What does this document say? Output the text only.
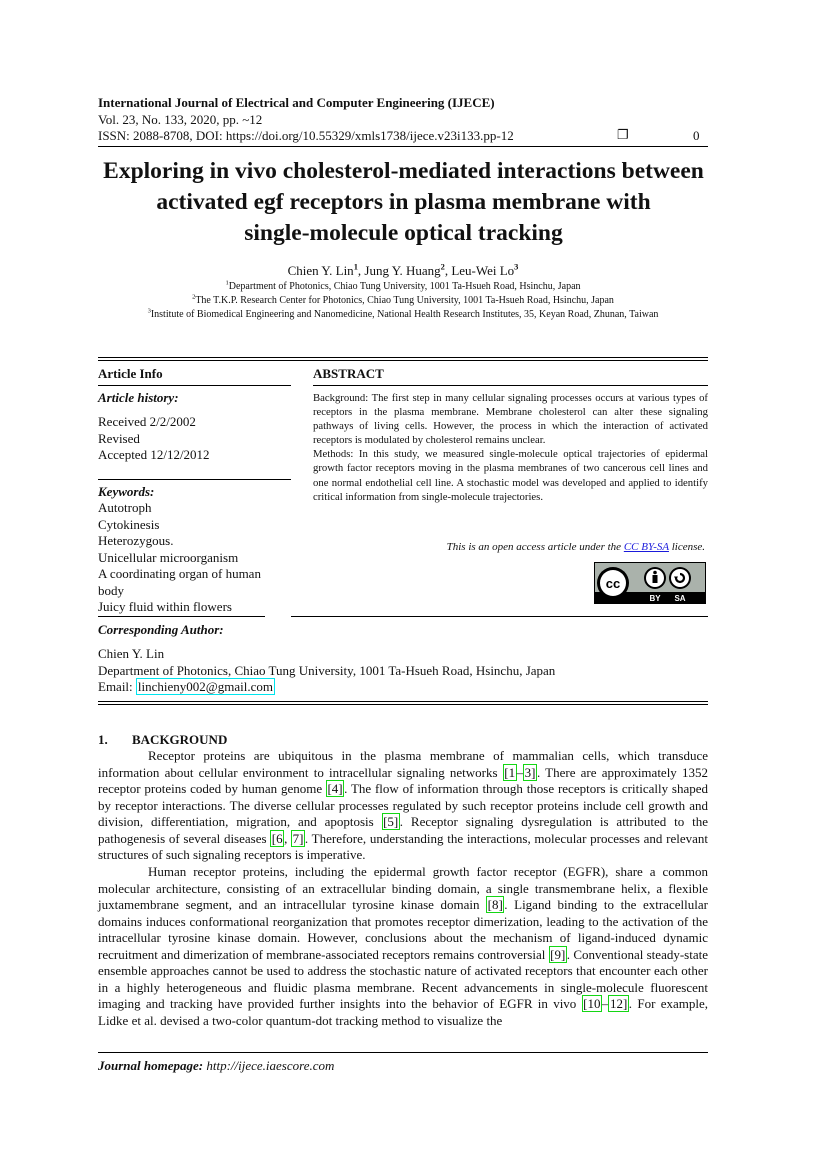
International Journal of Electrical and Computer Engineering (IJECE)
Vol. 23, No. 133, 2020, pp. ~12
ISSN: 2088-8708, DOI: https://doi.org/10.55329/xmls1738/ijece.v23i133.pp-12	❐	0
Exploring in vivo cholesterol-mediated interactions between
activated egf receptors in plasma membrane with
single-molecule optical tracking
Chien Y. Lin$^1$, Jung Y. Huang$^2$, Leu-Wei Lo$^3$
$^1$Department of Photonics, Chiao Tung University, 1001 Ta-Hsueh Road, Hsinchu, Japan
$^2$The T.K.P. Research Center for Photonics, Chiao Tung University, 1001 Ta-Hsueh Road, Hsinchu, Japan
$^3$Institute of Biomedical Engineering and Nanomedicine, National Health Research Institutes, 35, Keyan Road, Zhunan, Taiwan
Article Info	ABSTRACT
Article history:
Received 2/2/2002
Revised
Accepted 12/12/2012
Keywords:
Autotroph
Cytokinesis
Heterozygous.
Unicellular microorganism
A coordinating organ of human body
Juicy fluid within flowers

Background: The first step in many cellular signaling processes occurs at various types of receptors in the plasma membrane. Membrane cholesterol can alter these signaling pathways of living cells. However, the process in which the interaction of activated receptors is modulated by cholesterol remains unclear.

Methods: In this study, we measured single-molecule optical trajectories of epidermal growth factor receptors moving in the plasma membranes of two cancerous cell lines and one normal endothelial cell line. A stochastic model was developed and applied to identify critical information from single-molecule trajectories.

This is an open access article under the CC BY-SA license.
cc
BY SA
Corresponding Author:
Chien Y. Lin
Department of Photonics, Chiao Tung University, 1001 Ta-Hsueh Road, Hsinchu, Japan
Email: linchieny002@gmail.com
1. BACKGROUND

Receptor proteins are ubiquitous in the plasma membrane of mammalian cells, which transduce information about cellular environment to intracellular signaling networks [1 – 3] . There are approximately 1352 receptor proteins coded by human genome [4] . The flow of information through those receptors is critically shaped by receptor interactions. The diverse cellular processes regulated by such receptor proteins include cell growth and division, differentiation, migration, and apoptosis [5] . Receptor signaling dysregulation is attributed to the pathogenesis of several diseases [6 , 7] . Therefore, understanding the interactions, molecular processes and relevant structures of such signaling receptors is imperative.

Human receptor proteins, including the epidermal growth factor receptor (EGFR), share a common molecular architecture, consisting of an extracellular binding domain, a single transmembrane helix, a flexible juxtamembrane segment, and an intracellular tyrosine kinase domain [8] . Ligand binding to the extracellular domains induces conformational reorganization that promotes receptor dimerization, leading to the activation of the intracellular tyrosine kinase domain. However, conclusions about the mechanism of ligand-induced dynamic recruitment and dimerization of membrane-associated receptors remains controversial [9] . Conventional steady-state ensemble approaches cannot be used to address the stochastic nature of activated receptors that encounter each other in a highly heterogeneous and fluidic plasma membrane. Recent advancements in single-molecule fluorescent imaging and tracking have provided further insights into the behavior of EGFR in vivo [10 – 12] . For example, Lidke et al. devised a two-color quantum-dot tracking method to visualize the

Journal homepage: http://ijece.iaescore.com
